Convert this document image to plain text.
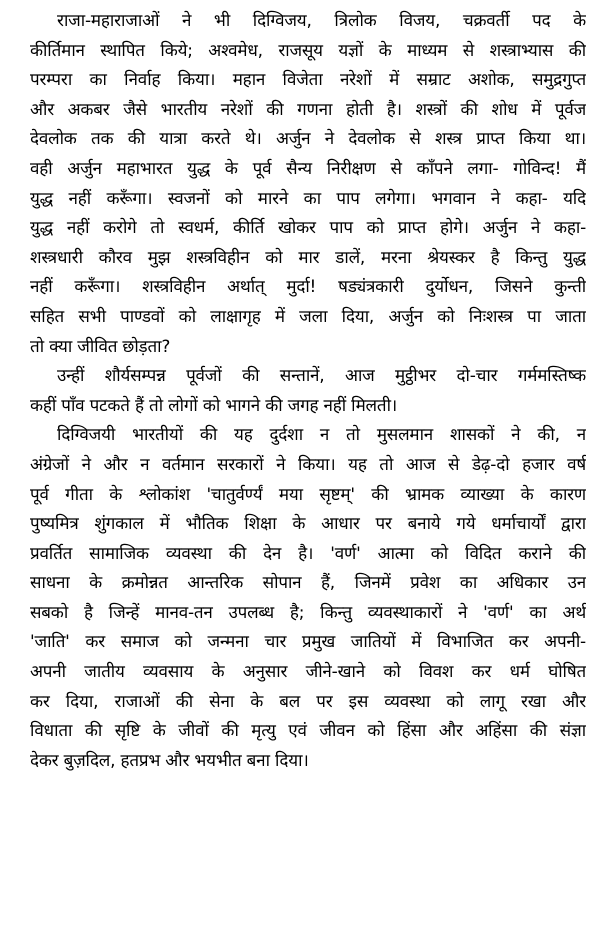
राजा-महाराजाओं ने भी दिग्विजय, त्रिलोक विजय, चक्रवर्ती पद के
कीर्तिमान स्थापित किये; अश्वमेध, राजसूय यज्ञों के माध्यम से शस्त्राभ्यास की
परम्परा का निर्वाह किया। महान विजेता नरेशों में सम्राट अशोक, समुद्रगुप्त
और अकबर जैसे भारतीय नरेशों की गणना होती है। शस्त्रों की शोध में पूर्वज
देवलोक तक की यात्रा करते थे। अर्जुन ने देवलोक से शस्त्र प्राप्त किया था।
वही अर्जुन महाभारत युद्ध के पूर्व सैन्य निरीक्षण से काँपने लगा- गोविन्द! मैं
युद्ध नहीं करूँगा। स्वजनों को मारने का पाप लगेगा। भगवान ने कहा- यदि
युद्ध नहीं करोगे तो स्वधर्म, कीर्ति खोकर पाप को प्राप्त होगे। अर्जुन ने कहा-
शस्त्रधारी कौरव मुझ शस्त्रविहीन को मार डालें, मरना श्रेयस्कर है किन्तु युद्ध
नहीं करूँगा। शस्त्रविहीन अर्थात् मुर्दा! षड्यंत्रकारी दुर्योधन, जिसने कुन्ती
सहित सभी पाण्डवों को लाक्षागृह में जला दिया, अर्जुन को निःशस्त्र पा जाता
तो क्या जीवित छोड़ता?
उन्हीं शौर्यसम्पन्न पूर्वजों की सन्तानें, आज मुट्ठीभर दो-चार गर्ममस्तिष्क
कहीं पाँव पटकते हैं तो लोगों को भागने की जगह नहीं मिलती।
दिग्विजयी भारतीयों की यह दुर्दशा न तो मुसलमान शासकों ने की, न
अंग्रेजों ने और न वर्तमान सरकारों ने किया। यह तो आज से डेढ़-दो हजार वर्ष
पूर्व गीता के श्लोकांश 'चातुर्वर्ण्यं मया सृष्टम्' की भ्रामक व्याख्या के कारण
पुष्यमित्र शुंगकाल में भौतिक शिक्षा के आधार पर बनाये गये धर्माचार्यों द्वारा
प्रवर्तित सामाजिक व्यवस्था की देन है। 'वर्ण' आत्मा को विदित कराने की
साधना के क्रमोन्नत आन्तरिक सोपान हैं, जिनमें प्रवेश का अधिकार उन
सबको है जिन्हें मानव-तन उपलब्ध है; किन्तु व्यवस्थाकारों ने 'वर्ण' का अर्थ
'जाति' कर समाज को जन्मना चार प्रमुख जातियों में विभाजित कर अपनी-
अपनी जातीय व्यवसाय के अनुसार जीने-खाने को विवश कर धर्म घोषित
कर दिया, राजाओं की सेना के बल पर इस व्यवस्था को लागू रखा और
विधाता की सृष्टि के जीवों की मृत्यु एवं जीवन को हिंसा और अहिंसा की संज्ञा
देकर बुज़दिल, हतप्रभ और भयभीत बना दिया।
